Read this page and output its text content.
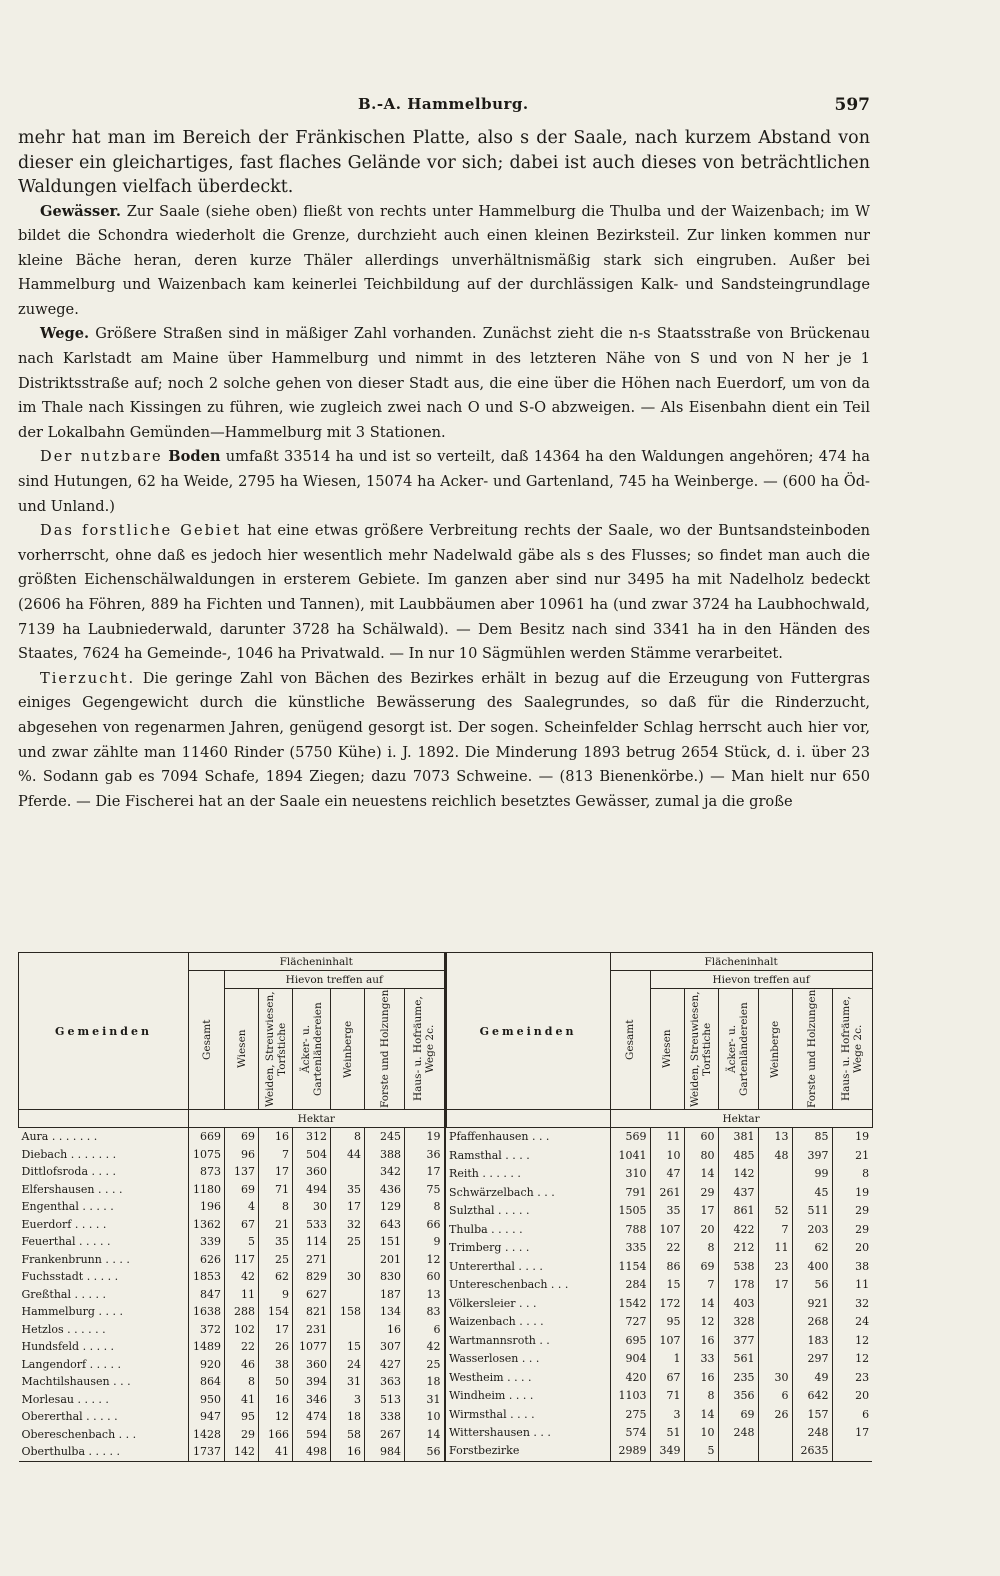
B.-A. Hammelburg.	597

mehr hat man im Bereich der Fränkischen Platte, also s der Saale, nach kurzem Abstand von dieser ein gleichartiges, fast flaches Gelände vor sich; dabei ist auch dieses von beträchtlichen Waldungen vielfach überdeckt.

Gewässer. Zur Saale (siehe oben) fließt von rechts unter Hammelburg die Thulba und der Waizenbach; im W bildet die Schondra wiederholt die Grenze, durchzieht auch einen kleinen Bezirksteil. Zur linken kommen nur kleine Bäche heran, deren kurze Thäler allerdings unverhältnismäßig stark sich eingruben. Außer bei Hammelburg und Waizenbach kam keinerlei Teichbildung auf der durchlässigen Kalk- und Sandsteingrundlage zuwege.

Wege. Größere Straßen sind in mäßiger Zahl vorhanden. Zunächst zieht die n-s Staatsstraße von Brückenau nach Karlstadt am Maine über Hammelburg und nimmt in des letzteren Nähe von S und von N her je 1 Distriktsstraße auf; noch 2 solche gehen von dieser Stadt aus, die eine über die Höhen nach Euerdorf, um von da im Thale nach Kissingen zu führen, wie zugleich zwei nach O und S-O abzweigen. — Als Eisenbahn dient ein Teil der Lokalbahn Gemünden—Hammelburg mit 3 Stationen.

Der nutzbare Boden umfaßt 33514 ha und ist so verteilt, daß 14364 ha den Waldungen angehören; 474 ha sind Hutungen, 62 ha Weide, 2795 ha Wiesen, 15074 ha Acker- und Gartenland, 745 ha Weinberge. — (600 ha Öd- und Unland.)

Das forstliche Gebiet hat eine etwas größere Verbreitung rechts der Saale, wo der Buntsandsteinboden vorherrscht, ohne daß es jedoch hier wesentlich mehr Nadelwald gäbe als s des Flusses; so findet man auch die größten Eichenschälwaldungen in ersterem Gebiete. Im ganzen aber sind nur 3495 ha mit Nadelholz bedeckt (2606 ha Föhren, 889 ha Fichten und Tannen), mit Laubbäumen aber 10961 ha (und zwar 3724 ha Laubhochwald, 7139 ha Laubniederwald, darunter 3728 ha Schälwald). — Dem Besitz nach sind 3341 ha in den Händen des Staates, 7624 ha Gemeinde-, 1046 ha Privatwald. — In nur 10 Sägmühlen werden Stämme verarbeitet.

Tierzucht. Die geringe Zahl von Bächen des Bezirkes erhält in bezug auf die Erzeugung von Futtergras einiges Gegengewicht durch die künstliche Bewässerung des Saalegrundes, so daß für die Rinderzucht, abgesehen von regenarmen Jahren, genügend gesorgt ist. Der sogen. Scheinfelder Schlag herrscht auch hier vor, und zwar zählte man 11460 Rinder (5750 Kühe) i. J. 1892. Die Minderung 1893 betrug 2654 Stück, d. i. über 23 %. Sodann gab es 7094 Schafe, 1894 Ziegen; dazu 7073 Schweine. — (813 Bienenkörbe.) — Man hielt nur 650 Pferde. — Die Fischerei hat an der Saale ein neuestens reichlich besetztes Gewässer, zumal ja die große

Gemeinden	Flächeninhalt						

	Gesamt	Hievon treffen auf					

		Wiesen	Weiden, Streuwiesen, Torfstiche	Äcker- u. Gartenländereien	Weinberge	Forste und Holzungen	Haus- u. Hofräume, Wege 2c.

	Hektar						
Aura . . . . . . .	669	69	16	312	8	245	19
Diebach . . . . . . .	1075	96	7	504	44	388	36
Dittlofsroda . . . .	873	137	17	360		342	17
Elfershausen . . . .	1180	69	71	494	35	436	75
Engenthal . . . . .	196	4	8	30	17	129	8
Euerdorf . . . . .	1362	67	21	533	32	643	66
Feuerthal . . . . .	339	5	35	114	25	151	9
Frankenbrunn . . . .	626	117	25	271		201	12
Fuchsstadt . . . . .	1853	42	62	829	30	830	60
Greßthal . . . . .	847	11	9	627		187	13
Hammelburg . . . .	1638	288	154	821	158	134	83
Hetzlos . . . . . .	372	102	17	231		16	6
Hundsfeld . . . . .	1489	22	26	1077	15	307	42
Langendorf . . . . .	920	46	38	360	24	427	25
Machtilshausen . . .	864	8	50	394	31	363	18
Morlesau . . . . .	950	41	16	346	3	513	31
Obererthal . . . . .	947	95	12	474	18	338	10
Obereschenbach . . .	1428	29	166	594	58	267	14
Oberthulba . . . . .	1737	142	41	498	16	984	56
Gemeinden	Flächeninhalt						

	Gesamt	Hievon treffen auf					

		Wiesen	Weiden, Streuwiesen, Torfstiche	Äcker- u. Gartenländereien	Weinberge	Forste und Holzungen	Haus- u. Hofräume, Wege 2c.

	Hektar						
Pfaffenhausen . . .	569	11	60	381	13	85	19
Ramsthal . . . .	1041	10	80	485	48	397	21
Reith . . . . . .	310	47	14	142		99	8
Schwärzelbach . . .	791	261	29	437		45	19
Sulzthal . . . . .	1505	35	17	861	52	511	29
Thulba . . . . .	788	107	20	422	7	203	29
Trimberg . . . .	335	22	8	212	11	62	20
Untererthal . . . .	1154	86	69	538	23	400	38
Untereschenbach . . .	284	15	7	178	17	56	11
Völkersleier . . .	1542	172	14	403		921	32
Waizenbach . . . .	727	95	12	328		268	24
Wartmannsroth . .	695	107	16	377		183	12
Wasserlosen . . .	904	1	33	561		297	12
Westheim . . . .	420	67	16	235	30	49	23
Windheim . . . .	1103	71	8	356	6	642	20
Wirmsthal . . . .	275	3	14	69	26	157	6
Wittershausen . . .	574	51	10	248		248	17
Forstbezirke	2989	349	5			2635	
